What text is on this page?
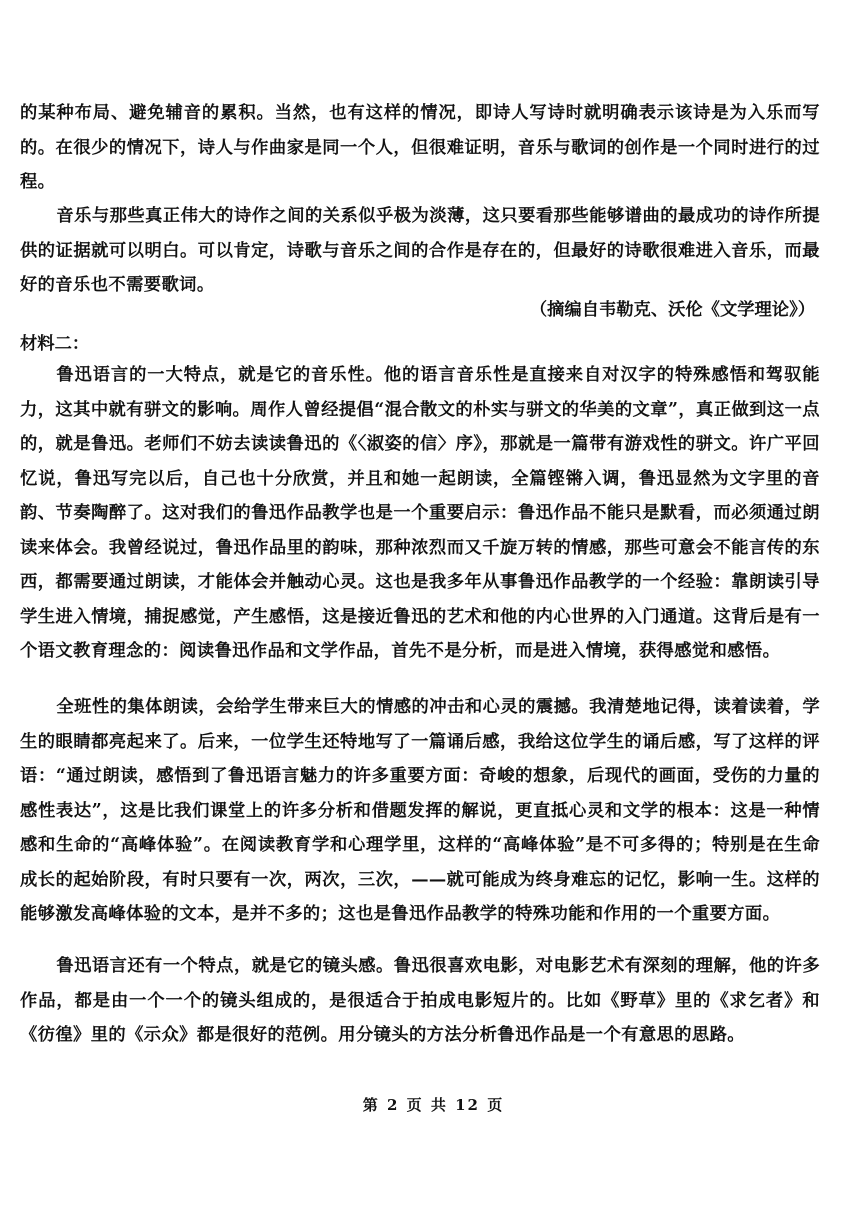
的某种布局、避免辅音的累积。当然，也有这样的情况，即诗人写诗时就明确表示该诗是为入乐而写的。在很少的情况下，诗人与作曲家是同一个人，但很难证明，音乐与歌词的创作是一个同时进行的过程。

音乐与那些真正伟大的诗作之间的关系似乎极为淡薄，这只要看那些能够谱曲的最成功的诗作所提供的证据就可以明白。可以肯定，诗歌与音乐之间的合作是存在的，但最好的诗歌很难进入音乐，而最好的音乐也不需要歌词。

（摘编自韦勒克、沃伦《文学理论》）

材料二：

鲁迅语言的一大特点，就是它的音乐性。他的语言音乐性是直接来自对汉字的特殊感悟和驾驭能力，这其中就有骈文的影响。周作人曾经提倡“混合散文的朴实与骈文的华美的文章”，真正做到这一点的，就是鲁迅。老师们不妨去读读鲁迅的《〈淑姿的信〉序》，那就是一篇带有游戏性的骈文。许广平回忆说，鲁迅写完以后，自己也十分欣赏，并且和她一起朗读，全篇铿锵入调，鲁迅显然为文字里的音韵、节奏陶醉了。这对我们的鲁迅作品教学也是一个重要启示：鲁迅作品不能只是默看，而必须通过朗读来体会。我曾经说过，鲁迅作品里的韵味，那种浓烈而又千旋万转的情感，那些可意会不能言传的东西，都需要通过朗读，才能体会并触动心灵。这也是我多年从事鲁迅作品教学的一个经验：靠朗读引导学生进入情境，捕捉感觉，产生感悟，这是接近鲁迅的艺术和他的内心世界的入门通道。这背后是有一个语文教育理念的：阅读鲁迅作品和文学作品，首先不是分析，而是进入情境，获得感觉和感悟。

全班性的集体朗读，会给学生带来巨大的情感的冲击和心灵的震撼。我清楚地记得，读着读着，学生的眼睛都亮起来了。后来，一位学生还特地写了一篇诵后感，我给这位学生的诵后感，写了这样的评语：“通过朗读，感悟到了鲁迅语言魅力的许多重要方面：奇峻的想象，后现代的画面，受伤的力量的感性表达”，这是比我们课堂上的许多分析和借题发挥的解说，更直抵心灵和文学的根本：这是一种情感和生命的“高峰体验”。在阅读教育学和心理学里，这样的“高峰体验”是不可多得的；特别是在生命成长的起始阶段，有时只要有一次，两次，三次，——就可能成为终身难忘的记忆，影响一生。这样的能够激发高峰体验的文本，是并不多的；这也是鲁迅作品教学的特殊功能和作用的一个重要方面。

鲁迅语言还有一个特点，就是它的镜头感。鲁迅很喜欢电影，对电影艺术有深刻的理解，他的许多作品，都是由一个一个的镜头组成的，是很适合于拍成电影短片的。比如《野草》里的《求乞者》和《彷徨》里的《示众》都是很好的范例。用分镜头的方法分析鲁迅作品是一个有意思的思路。

第 2 页 共 12 页
